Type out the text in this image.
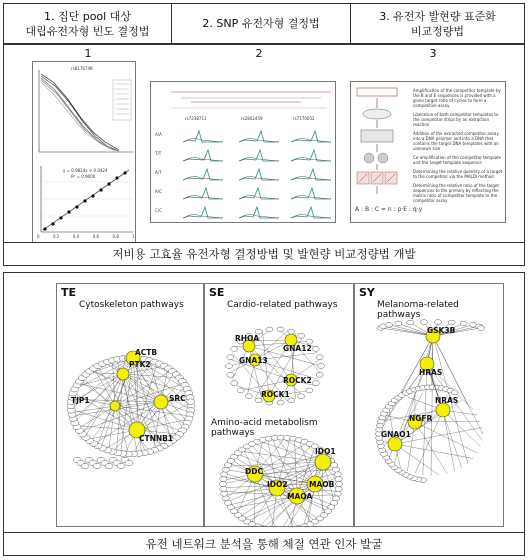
1. 집단 pool 대상
대립유전자형 빈도 결정법
2. SNP 유전자형 결정법
3. 유전자 발현량 표준화
비교정량법
1	2	3
rs8176749
y = 0.9824x + 0.0424
R² = 0.9000
0	0.2	0.4	0.6	0.8	1
rs7238711	rs2802459	rs7170052
A/A
T/T
A/T
A/C
C/C
Amplification of the competitor template by the B and E sequences is provided with a given target ratio of cycles to form a competitive assay
Liberation of both competitor templates to the competitor strips by an extraction reaction
Addition of the extracted competitor assay into a DNA polymer and into a DNA that contains the target DNA templates with an unknown size
Co-amplification of the competitor template and the target template sequence
Determining the relative quantity of a target to the competitor via the MALDI method
Determining the relative ratio of the target sequences to the primary by reflecting the matrix ratio of competitor template to the competitor assay
A : B : C = n : p·E : q·y
저비용 고효율 유전자형 결정방법 및 발현량 비교정량법 개발
TE
Cytoskeleton pathways
ACTB
PTK2
SRC
TJP1
CTNNB1
SE
Cardio-related pathways
RHOA
GNA12
GNA13
ROCK2
ROCK1
Amino-acid metabolism pathways
IDO1
DDC
IDO2
MAOA
MAOB
SY
Melanoma-related pathways
GSK3B
HRAS
NRAS
NGFR
GNAO1
유전 네트워크 분석을 통해 체질 연관 인자 발굴
